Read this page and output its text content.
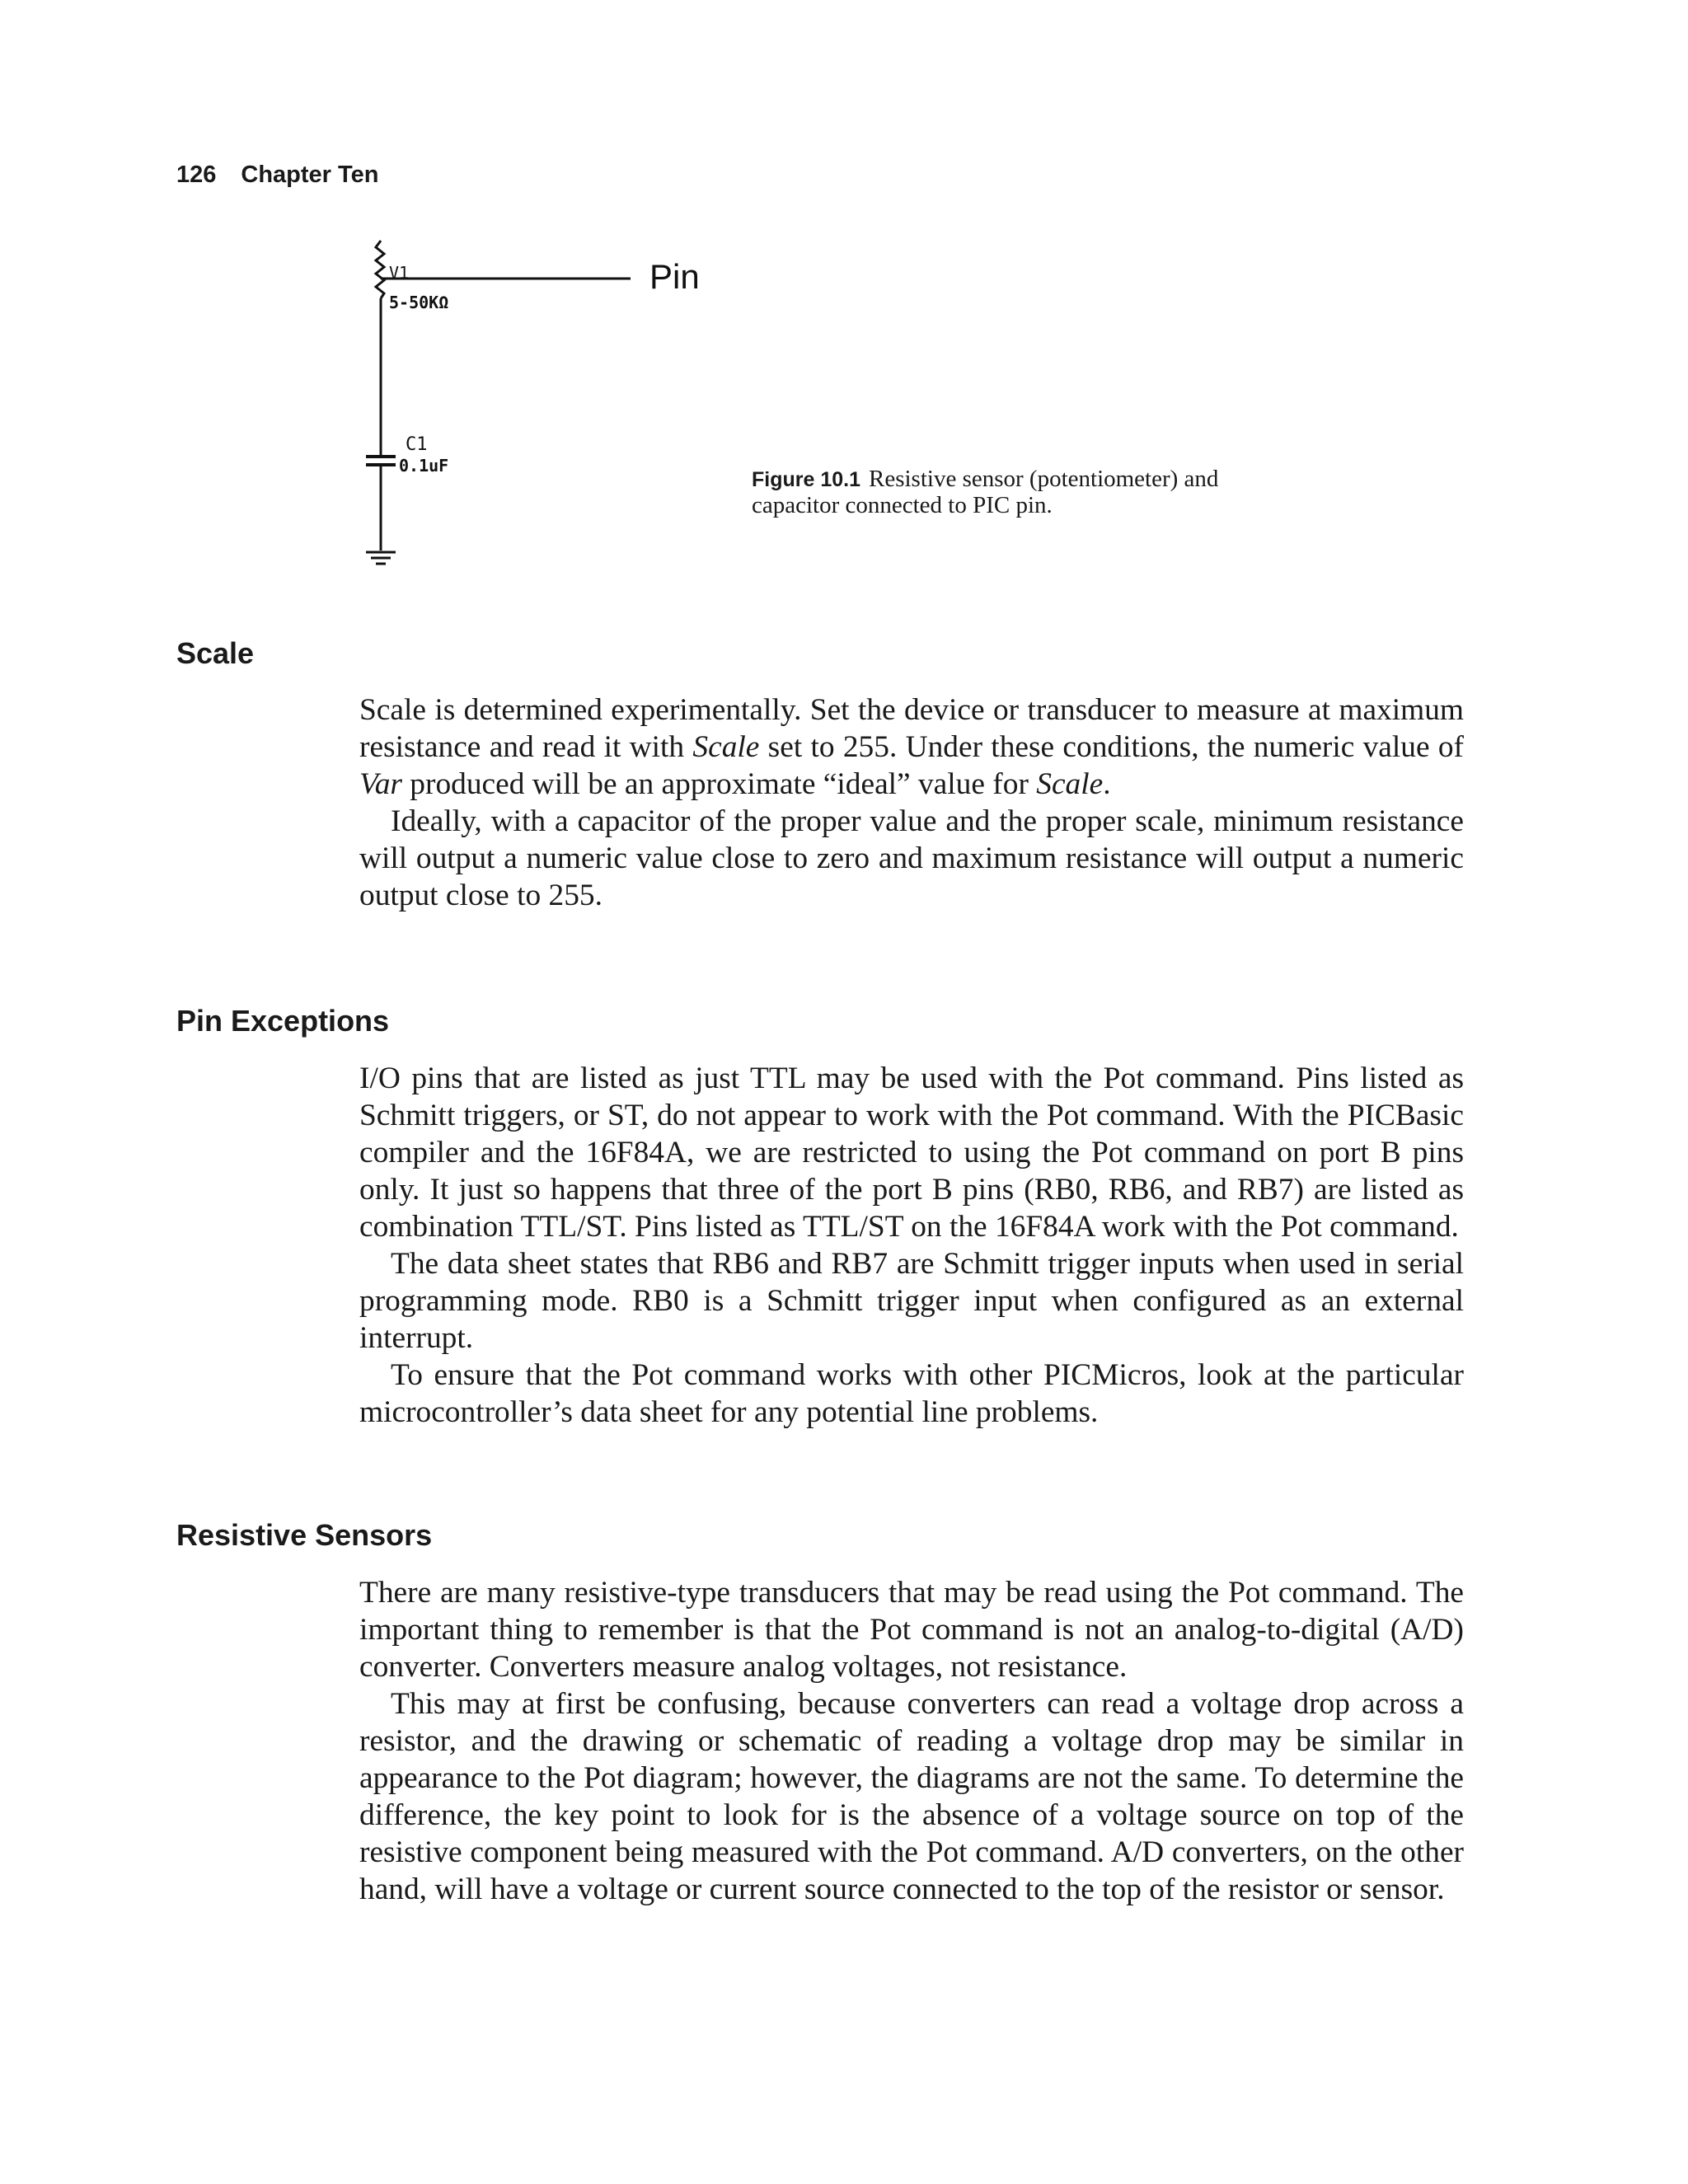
126 Chapter Ten
V1
5-50KΩ
Pin
C1
0.1uF
Figure 10.1 Resistive sensor (potentiometer) and capacitor connected to PIC pin.
Scale

Scale is determined experimentally. Set the device or transducer to measure at maximum resistance and read it with Scale set to 255. Under these conditions, the numeric value of Var produced will be an approximate “ideal” value for Scale.

Ideally, with a capacitor of the proper value and the proper scale, minimum resistance will output a numeric value close to zero and maximum resistance will output a numeric output close to 255.

Pin Exceptions

I/O pins that are listed as just TTL may be used with the Pot command. Pins listed as Schmitt triggers, or ST, do not appear to work with the Pot command. With the PICBasic compiler and the 16F84A, we are restricted to using the Pot command on port B pins only. It just so happens that three of the port B pins (RB0, RB6, and RB7) are listed as combination TTL/ST. Pins listed as TTL/ST on the 16F84A work with the Pot command.

The data sheet states that RB6 and RB7 are Schmitt trigger inputs when used in serial programming mode. RB0 is a Schmitt trigger input when configured as an external interrupt.

To ensure that the Pot command works with other PICMicros, look at the particular microcontroller’s data sheet for any potential line problems.

Resistive Sensors

There are many resistive-type transducers that may be read using the Pot command. The important thing to remember is that the Pot command is not an analog-to-digital (A/D) converter. Converters measure analog voltages, not resistance.

This may at first be confusing, because converters can read a voltage drop across a resistor, and the drawing or schematic of reading a voltage drop may be similar in appearance to the Pot diagram; however, the diagrams are not the same. To determine the difference, the key point to look for is the absence of a voltage source on top of the resistive component being measured with the Pot command. A/D converters, on the other hand, will have a voltage or current source connected to the top of the resistor or sensor.
